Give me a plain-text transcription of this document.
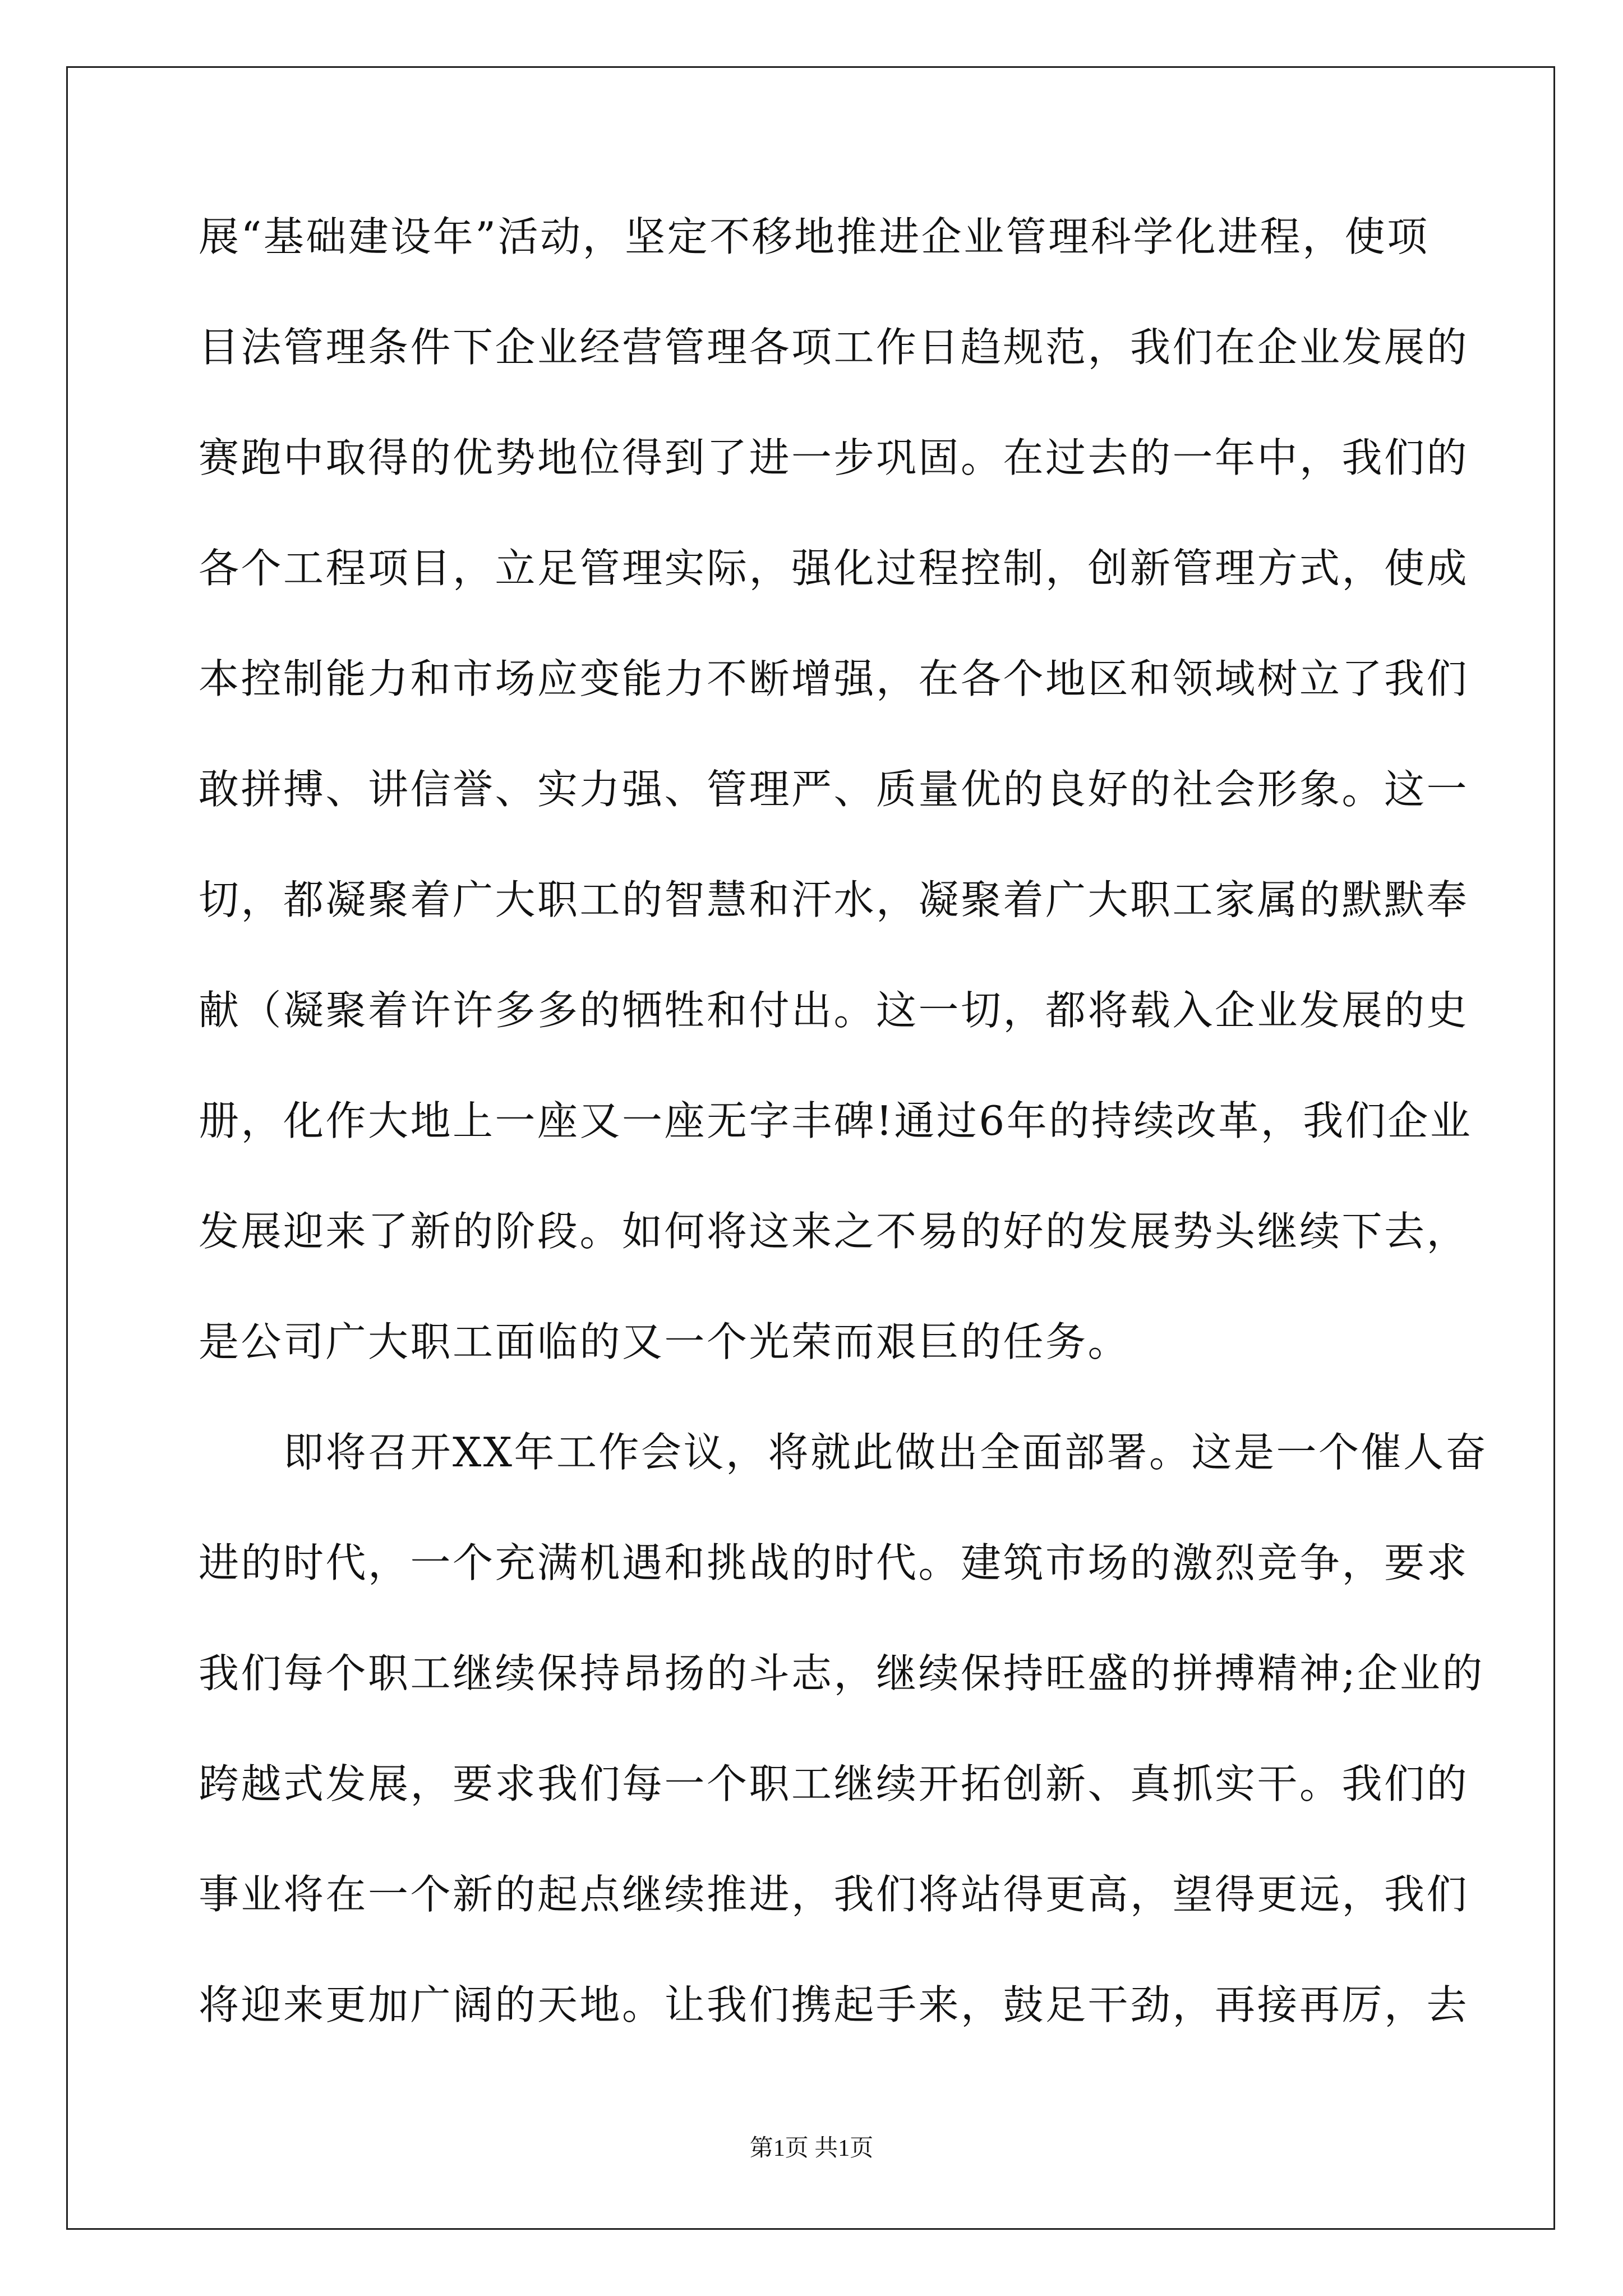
展“基础建设年”活动，坚定不移地推进企业管理科学化进程，使项
目法管理条件下企业经营管理各项工作日趋规范，我们在企业发展的
赛跑中取得的优势地位得到了进一步巩固。在过去的一年中，我们的
各个工程项目，立足管理实际，强化过程控制，创新管理方式，使成
本控制能力和市场应变能力不断增强，在各个地区和领域树立了我们
敢拼搏、讲信誉、实力强、管理严、质量优的良好的社会形象。这一
切，都凝聚着广大职工的智慧和汗水，凝聚着广大职工家属的默默奉
献（凝聚着许许多多的牺牲和付出。这一切，都将载入企业发展的史
册，化作大地上一座又一座无字丰碑!通过6年的持续改革，我们企业
发展迎来了新的阶段。如何将这来之不易的好的发展势头继续下去，
是公司广大职工面临的又一个光荣而艰巨的任务。
　　即将召开XX年工作会议，将就此做出全面部署。这是一个催人奋
进的时代，一个充满机遇和挑战的时代。建筑市场的激烈竞争，要求
我们每个职工继续保持昂扬的斗志，继续保持旺盛的拼搏精神;企业的
跨越式发展，要求我们每一个职工继续开拓创新、真抓实干。我们的
事业将在一个新的起点继续推进，我们将站得更高，望得更远，我们
将迎来更加广阔的天地。让我们携起手来，鼓足干劲，再接再厉，去
第1页 共1页
